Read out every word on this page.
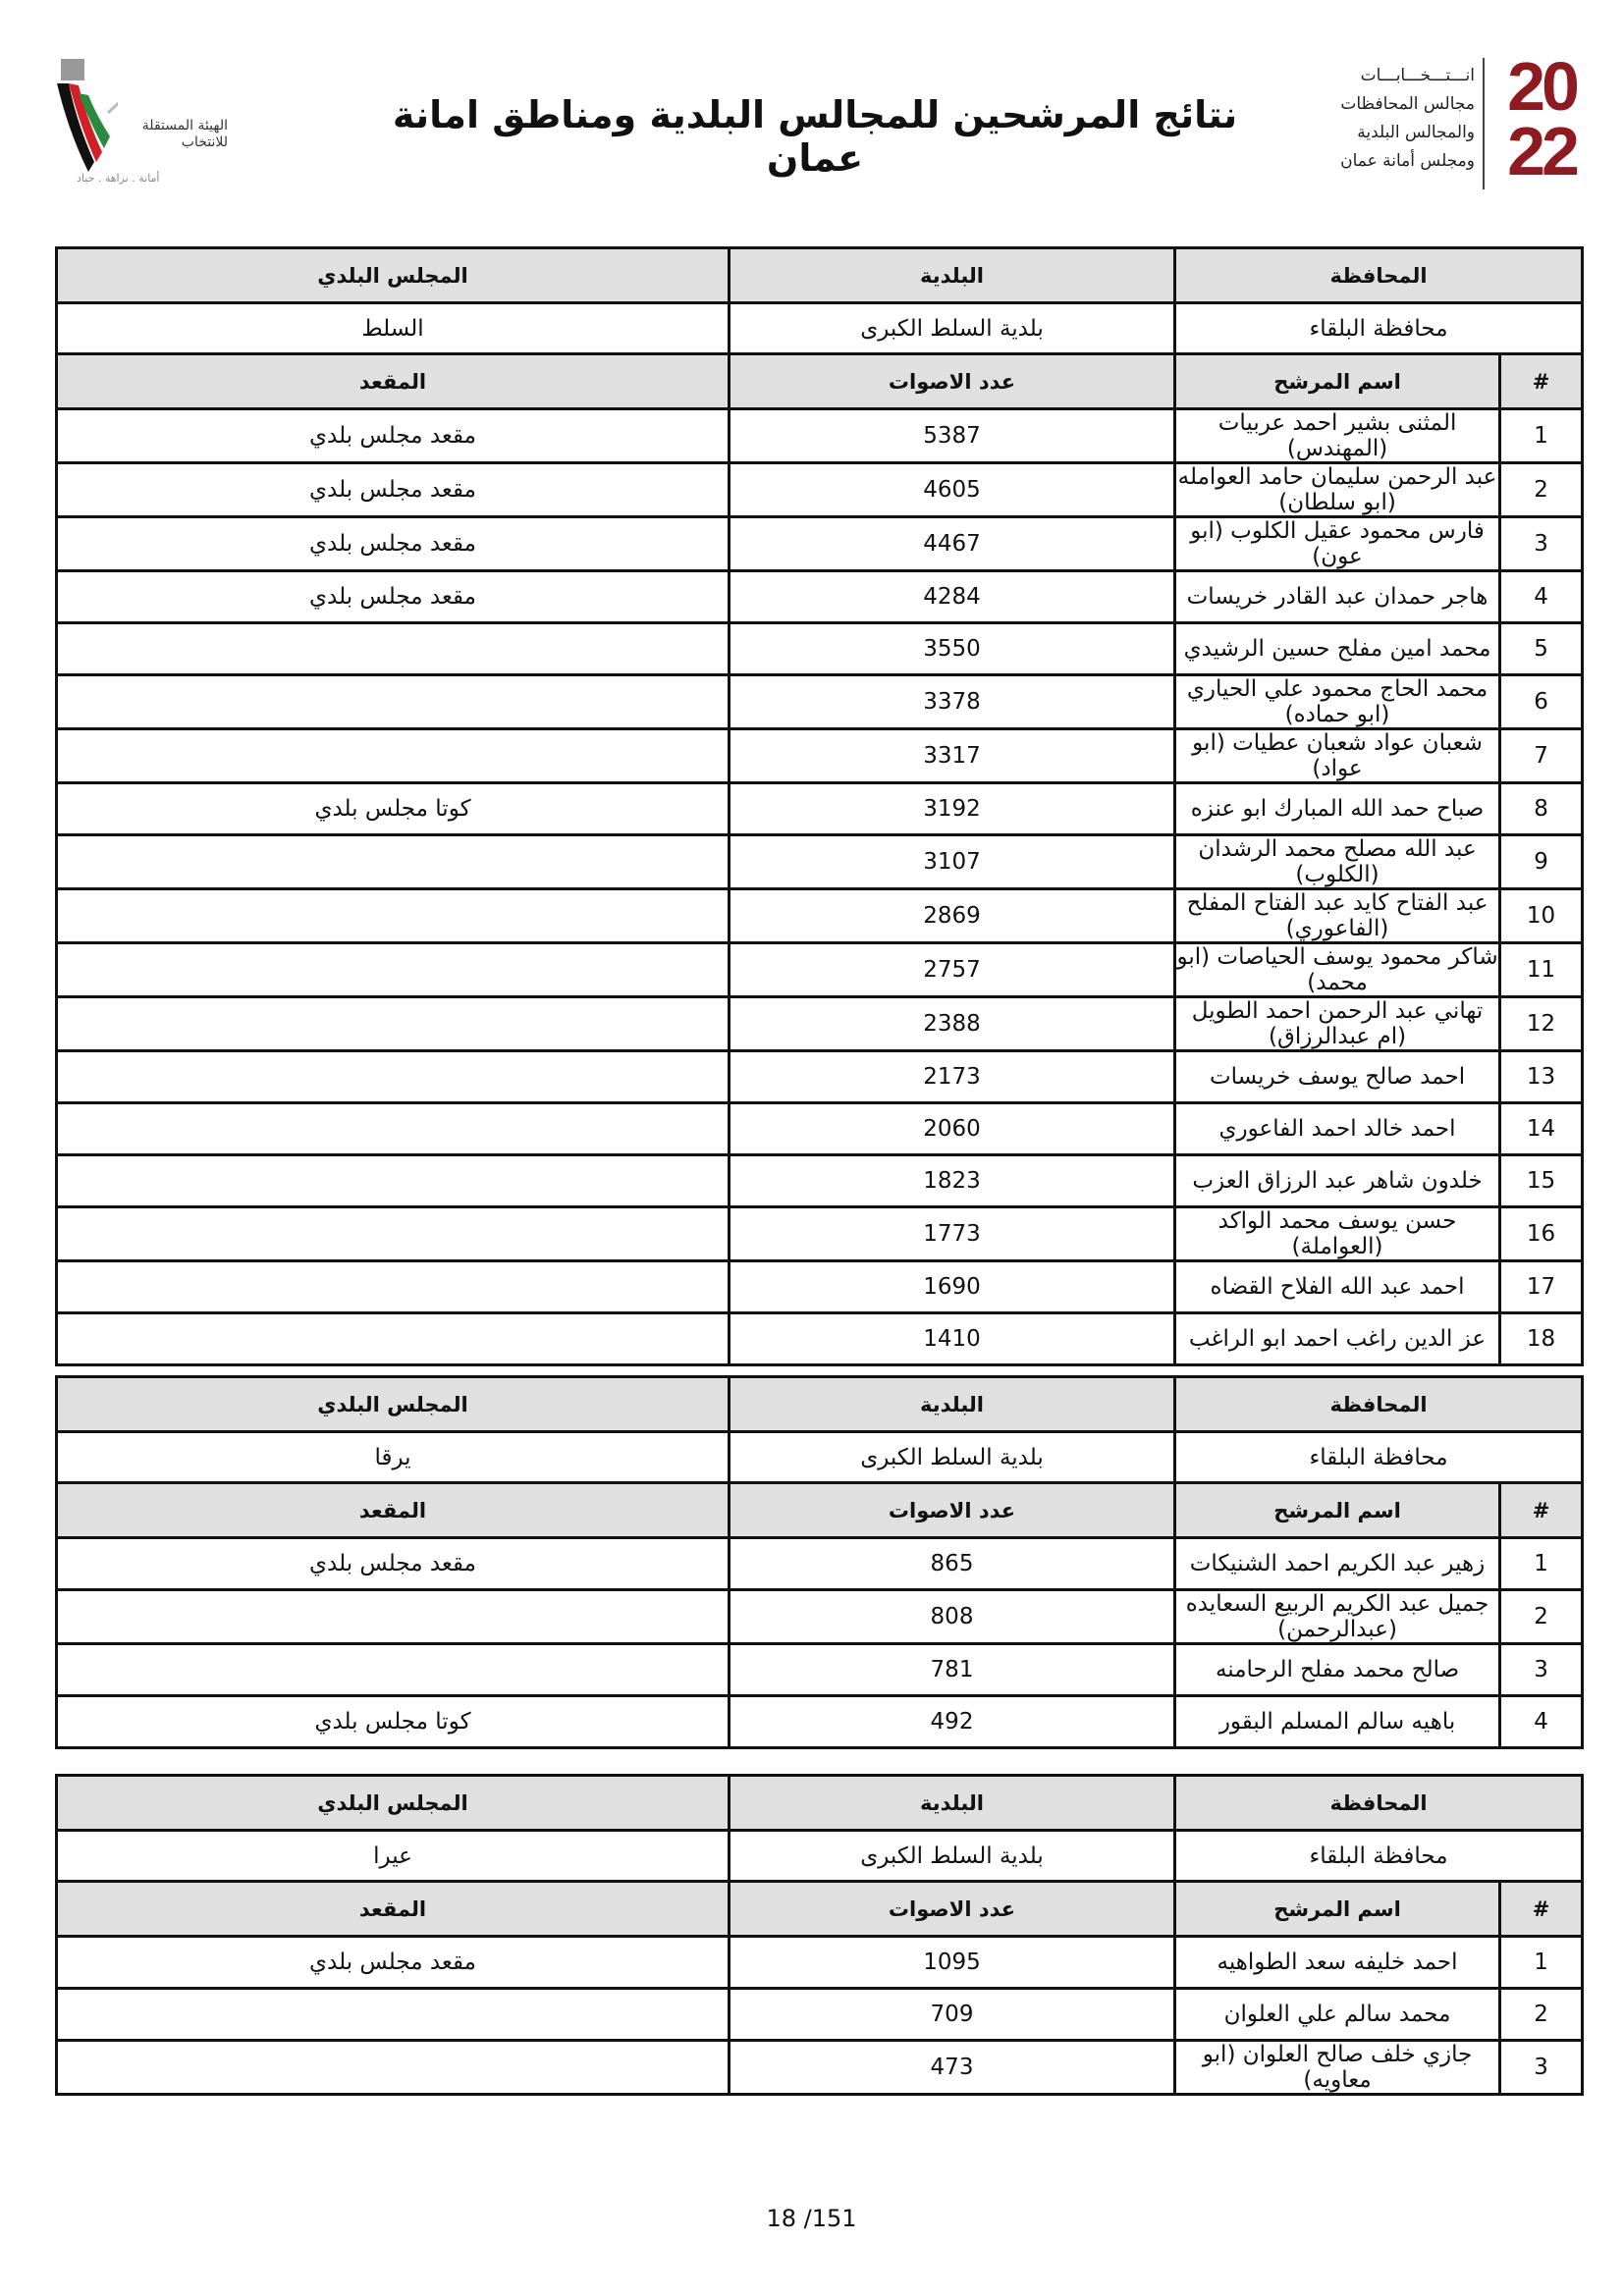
الهيئة المستقلة
للانتخاب
أمانة . نزاهة . حياد
نتائج المرشحين للمجالس البلدية ومناطق امانة عمان
20
22
انـــتـــخـــابـــات
مجالس المحافظات
والمجالس البلدية
ومجلس أمانة عمان
المحافظة		البلدية	المجلس البلدي
محافظة البلقاء		بلدية السلط الكبرى	السلط
#	اسم المرشح	عدد الاصوات	المقعد
1	المثنى بشير احمد عربيات (المهندس)	5387	مقعد مجلس بلدي
2	عبد الرحمن سليمان حامد العوامله (ابو سلطان)	4605	مقعد مجلس بلدي
3	فارس محمود عقيل الكلوب (ابو عون)	4467	مقعد مجلس بلدي
4	هاجر حمدان عبد القادر خريسات	4284	مقعد مجلس بلدي
5	محمد امين مفلح حسين الرشيدي	3550	
6	محمد الحاج محمود علي الحياري (ابو حماده)	3378	
7	شعبان عواد شعبان عطيات (ابو عواد)	3317	
8	صباح حمد الله المبارك ابو عنزه	3192	كوتا مجلس بلدي
9	عبد الله مصلح محمد الرشدان (الكلوب)	3107	
10	عبد الفتاح كايد عبد الفتاح المفلح (الفاعوري)	2869	
11	شاكر محمود يوسف الحياصات (ابو محمد)	2757	
12	تهاني عبد الرحمن احمد الطويل (ام عبدالرزاق)	2388	
13	احمد صالح يوسف خريسات	2173	
14	احمد خالد احمد الفاعوري	2060	
15	خلدون شاهر عبد الرزاق العزب	1823	
16	حسن يوسف محمد الواكد (العواملة)	1773	
17	احمد عبد الله الفلاح القضاه	1690	
18	عز الدين راغب احمد ابو الراغب	1410	
المحافظة		البلدية	المجلس البلدي
محافظة البلقاء		بلدية السلط الكبرى	يرقا
#	اسم المرشح	عدد الاصوات	المقعد
1	زهير عبد الكريم احمد الشنيكات	865	مقعد مجلس بلدي
2	جميل عبد الكريم الربيع السعايده (عبدالرحمن)	808	
3	صالح محمد مفلح الرحامنه	781	
4	باهيه سالم المسلم البقور	492	كوتا مجلس بلدي
المحافظة		البلدية	المجلس البلدي
محافظة البلقاء		بلدية السلط الكبرى	عيرا
#	اسم المرشح	عدد الاصوات	المقعد
1	احمد خليفه سعد الطواهيه	1095	مقعد مجلس بلدي
2	محمد سالم علي العلوان	709	
3	جازي خلف صالح العلوان (ابو معاويه)	473	
18 /151
